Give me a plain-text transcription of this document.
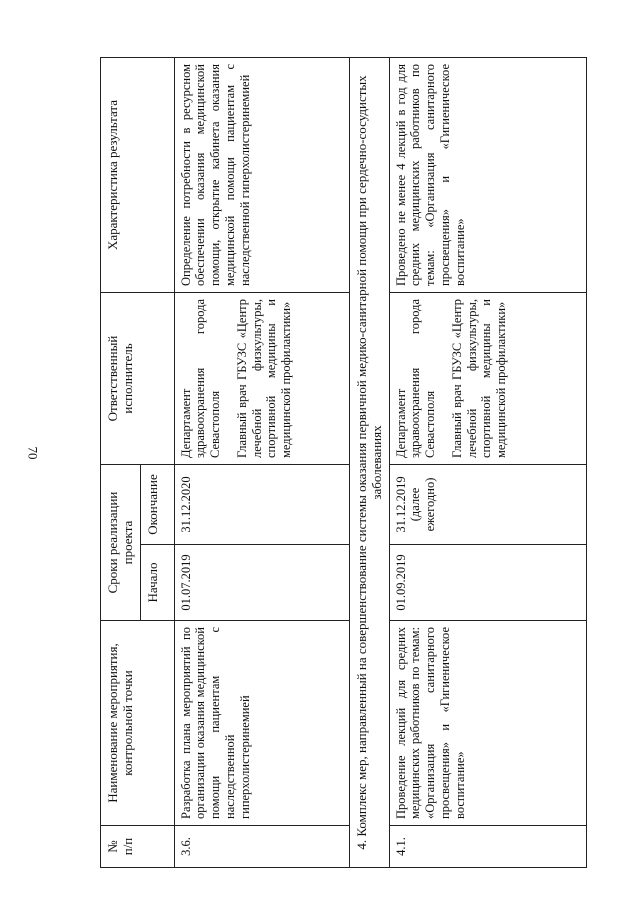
70
№ п/п	Наименование мероприятия, контрольной точки	Сроки реализации проекта		Ответственный исполнитель	Характеристика результата
		Начало	Окончание		
3.6.	Разработка плана мероприятий по организации оказания медицинской помощи пациентам с наследственной гиперхолистеринемией	01.07.2019	31.12.2020	Департамент здравоохранения города Севастополя Главный врач ГБУЗС «Центр лечебной физкультуры, спортивной медицины и медицинской профилактики»	Определение потребности в ресурсном обеспечении оказания медицинской помощи, открытие кабинета оказания медицинской помощи пациентам с наследственной гиперхолистеринемией
4. Комплекс мер, направленный на совершенствование системы оказания первичной медико-санитарной помощи при сердечно-сосудистых заболеваниях					
4.1.	Проведение лекций для средних медицинских работников по темам: «Организация санитарного просвещения» и «Гигиеническое воспитание»	01.09.2019	31.12.2019 (далее ежегодно)	Департамент здравоохранения города Севастополя Главный врач ГБУЗС «Центр лечебной физкультуры, спортивной медицины и медицинской профилактики»	Проведено не менее 4 лекций в год для средних медицинских работников по темам: «Организация санитарного просвещения» и «Гигиеническое воспитание»
